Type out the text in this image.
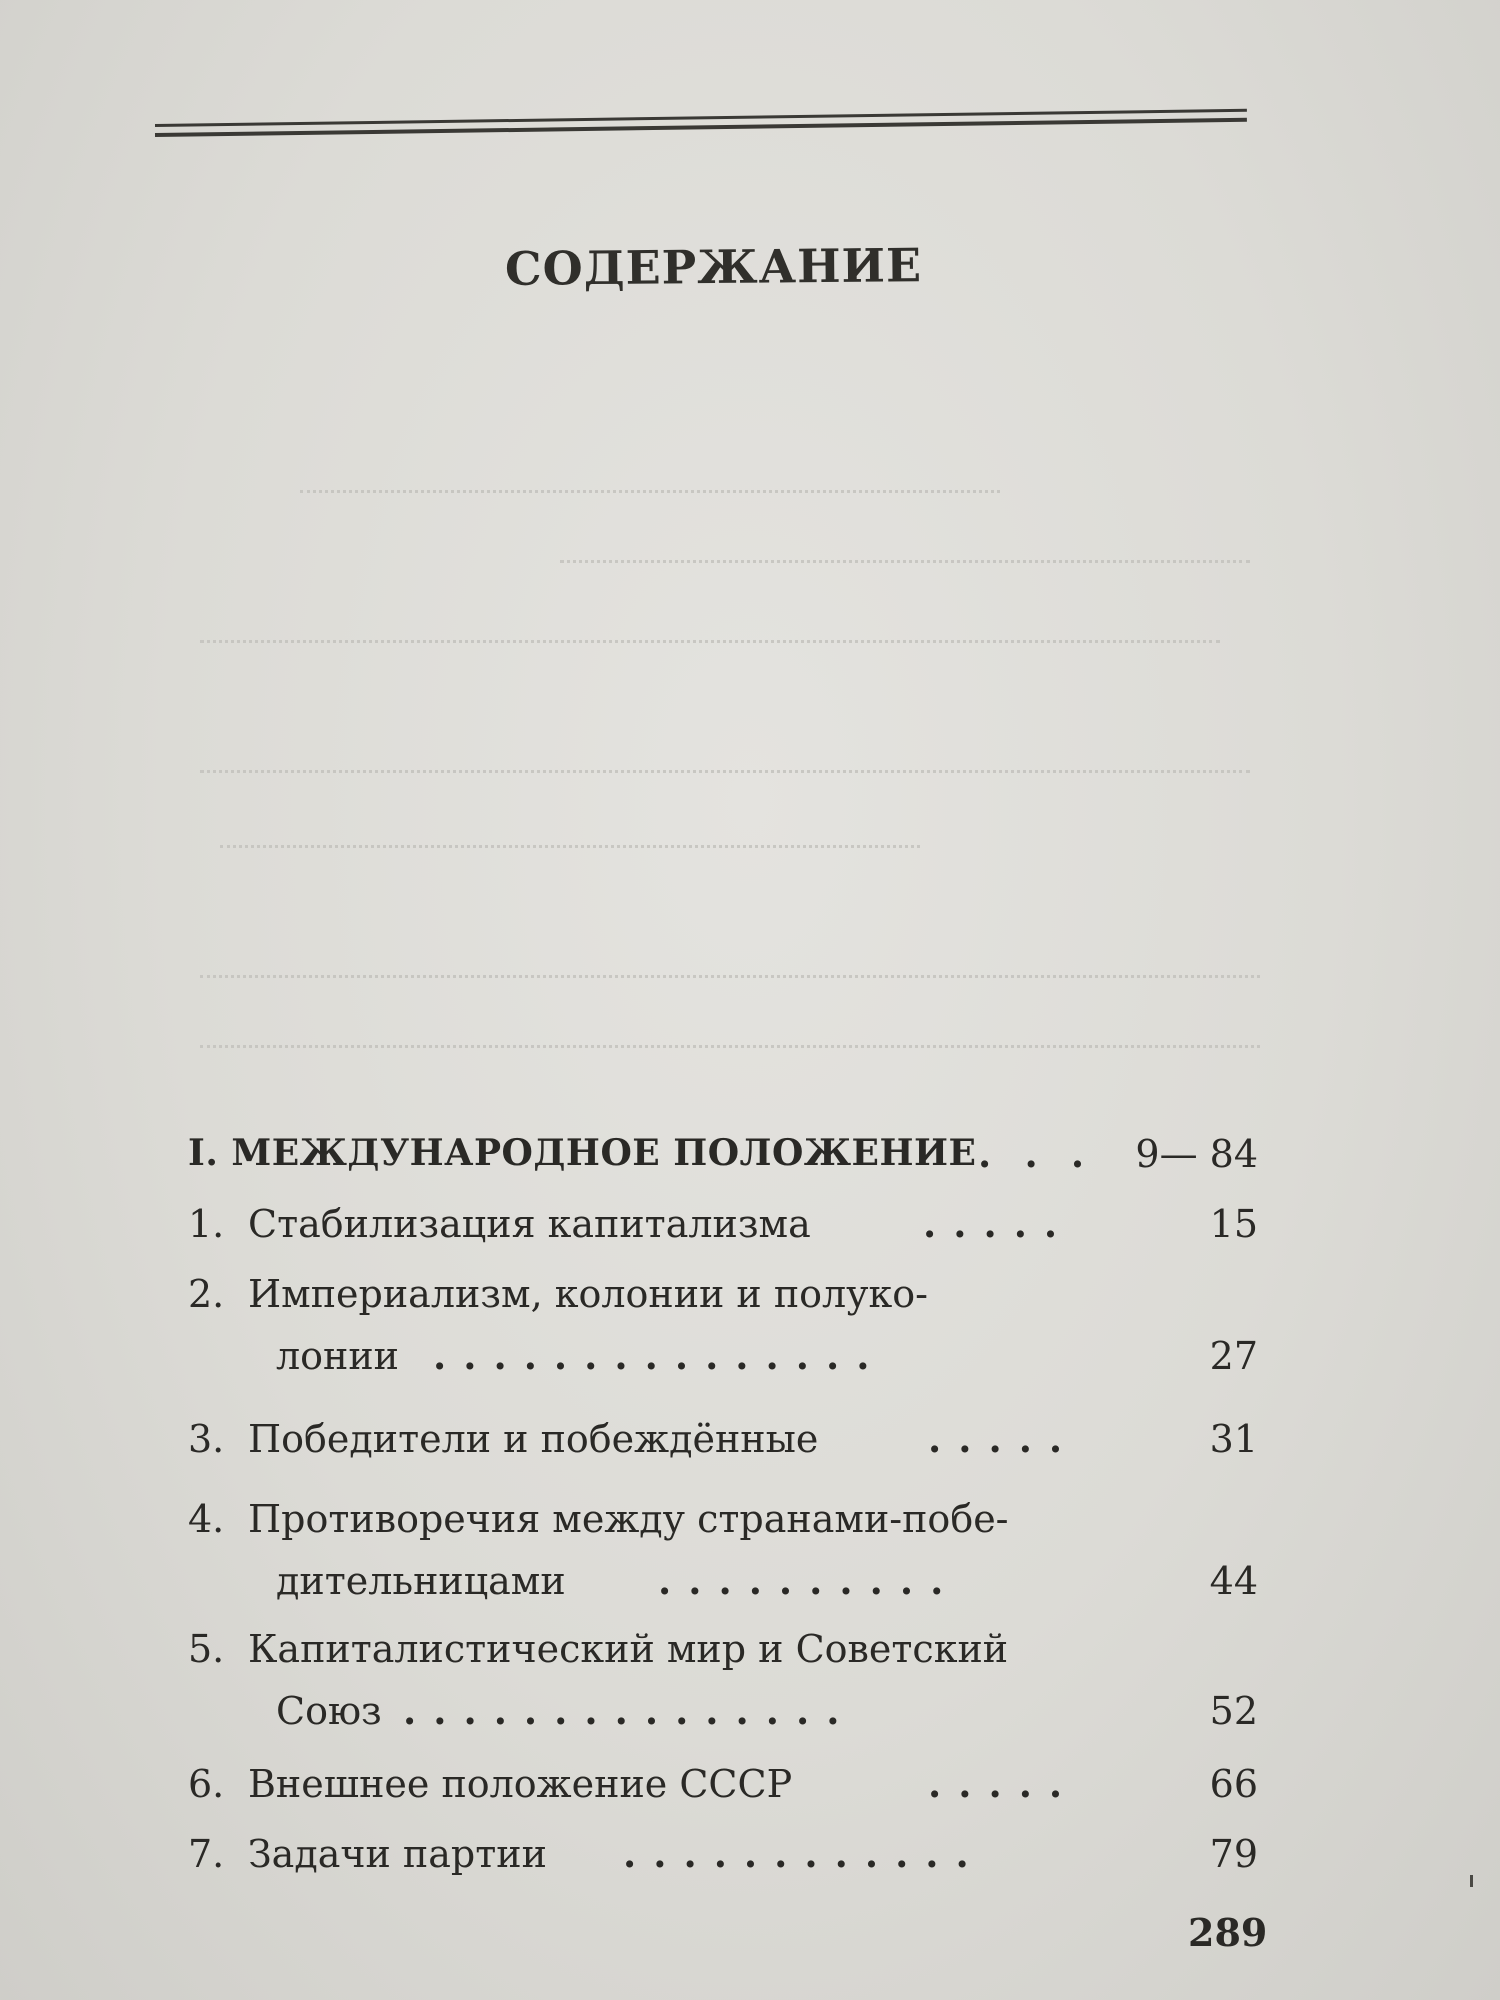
СОДЕРЖАНИЕ
I. МЕЖДУНАРОДНОЕ ПОЛОЖЕНИЕ . . . 9— 84
1. Стабилизация капитализма	.....	15
2. Империализм, колонии и полуко-
лонии ...............	27
3. Победители и побеждённые	.....	31
4. Противоречия между странами-побе-
дительницами ..........	44
5. Капиталистический мир и Советский
Союз ...............	52
6. Внешнее положение СССР	.....	66
7. Задачи партии ............	79
289
